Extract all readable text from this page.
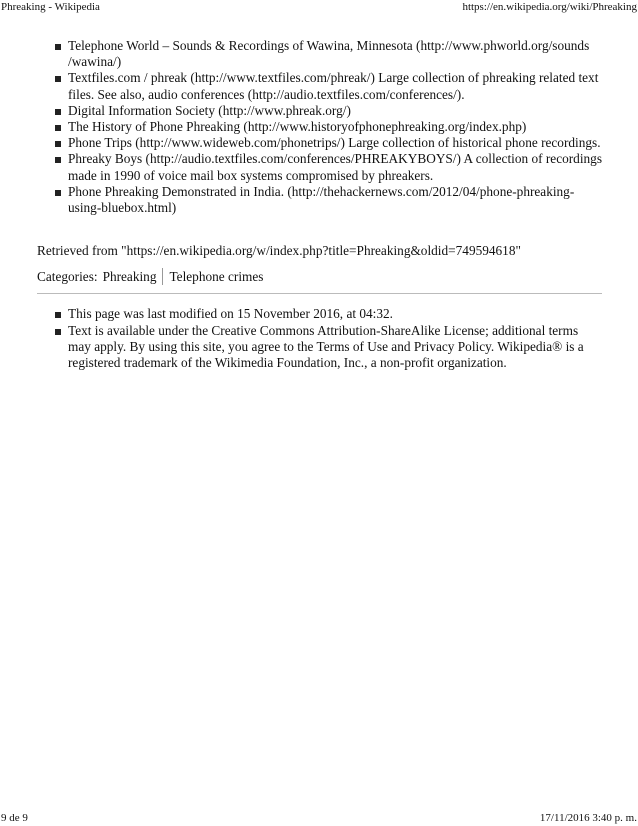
Phreaking - Wikipedia	https://en.wikipedia.org/wiki/Phreaking
Telephone World – Sounds & Recordings of Wawina, Minnesota (http://www.phworld.org/sounds /wawina/)
Textfiles.com / phreak (http://www.textfiles.com/phreak/) Large collection of phreaking related text files. See also, audio conferences (http://audio.textfiles.com/conferences/).
Digital Information Society (http://www.phreak.org/)
The History of Phone Phreaking (http://www.historyofphonephreaking.org/index.php)
Phone Trips (http://www.wideweb.com/phonetrips/) Large collection of historical phone recordings.
Phreaky Boys (http://audio.textfiles.com/conferences/PHREAKYBOYS/) A collection of recordings made in 1990 of voice mail box systems compromised by phreakers.
Phone Phreaking Demonstrated in India. (http://thehackernews.com/2012/04/phone-phreaking-using-bluebox.html)
Retrieved from "https://en.wikipedia.org/w/index.php?title=Phreaking&oldid=749594618"
Categories: Phreaking Telephone crimes
This page was last modified on 15 November 2016, at 04:32.
Text is available under the Creative Commons Attribution-ShareAlike License; additional terms may apply. By using this site, you agree to the Terms of Use and Privacy Policy. Wikipedia® is a registered trademark of the Wikimedia Foundation, Inc., a non-profit organization.
9 de 9	17/11/2016 3:40 p. m.
